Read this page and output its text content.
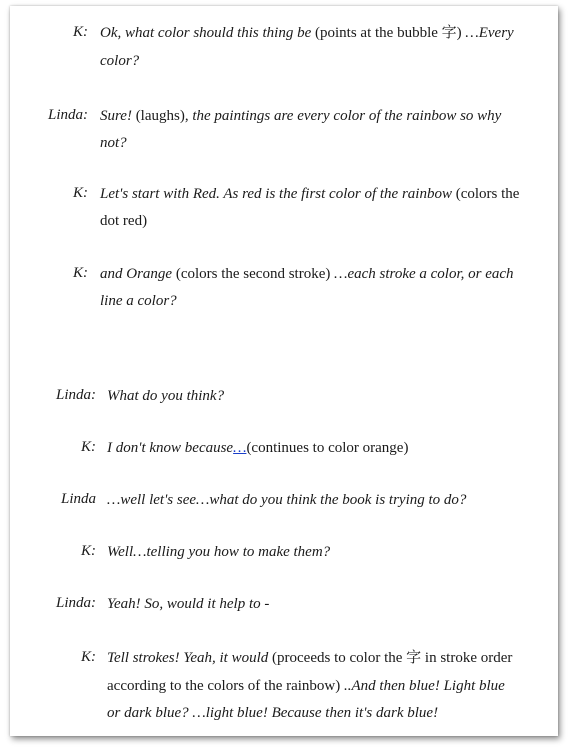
K: Ok, what color should this thing be (points at the bubble 字) …Every
color?
Linda: Sure! (laughs), the paintings are every color of the rainbow so why
not?
K: Let's start with Red. As red is the first color of the rainbow (colors the
dot red)
K: and Orange (colors the second stroke) …each stroke a color, or each
line a color?
Linda: What do you think?
K: I don't know because…(continues to color orange)
Linda …well let's see…what do you think the book is trying to do?
K: Well…telling you how to make them?
Linda: Yeah! So, would it help to -
K: Tell strokes! Yeah, it would (proceeds to color the 字 in stroke order
according to the colors of the rainbow) ..And then blue! Light blue
or dark blue? …light blue! Because then it's dark blue!
